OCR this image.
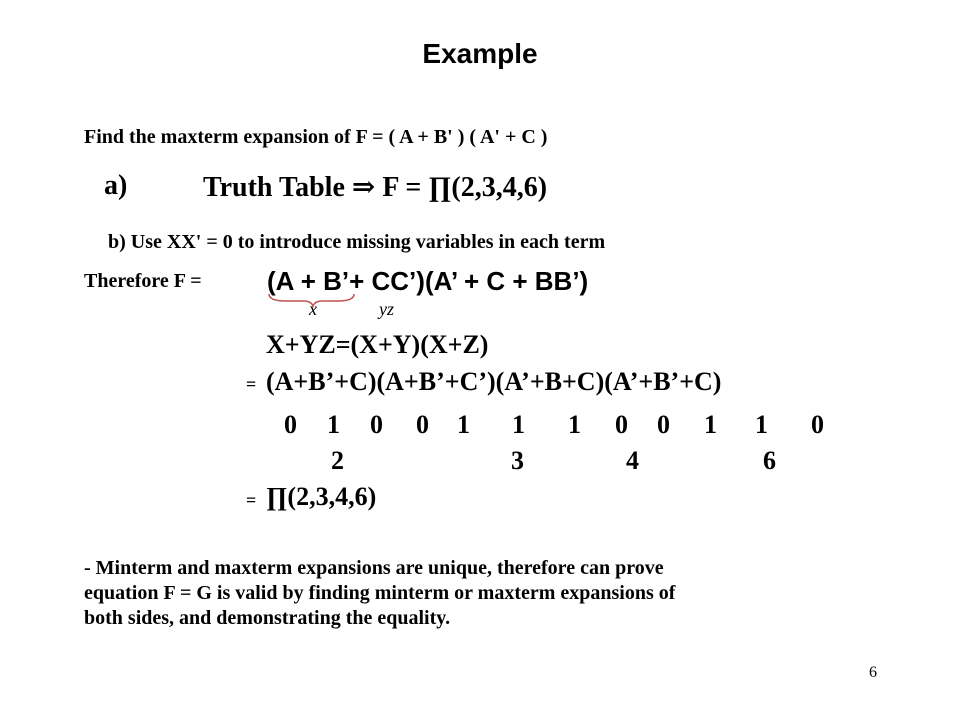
Example
Find the maxterm expansion of F = ( A + B' ) ( A' + C )
a)	Truth Table ⇒ F = ∏(2,3,4,6)
b) Use XX' = 0 to introduce missing variables in each term
Therefore F =	(A + B’+ CC’)(A’ + C + BB’)
x	yz
X+YZ=(X+Y)(X+Z)
= (A+B’+C)(A+B’+C’)(A’+B+C)(A’+B’+C)
0 1 0 0 1 1 1 0 0 1 1 0
2	3	4	6
= ∏(2,3,4,6)
- Minterm and maxterm expansions are unique, therefore can prove
equation F = G is valid by finding minterm or maxterm expansions of
both sides, and demonstrating the equality.
6
